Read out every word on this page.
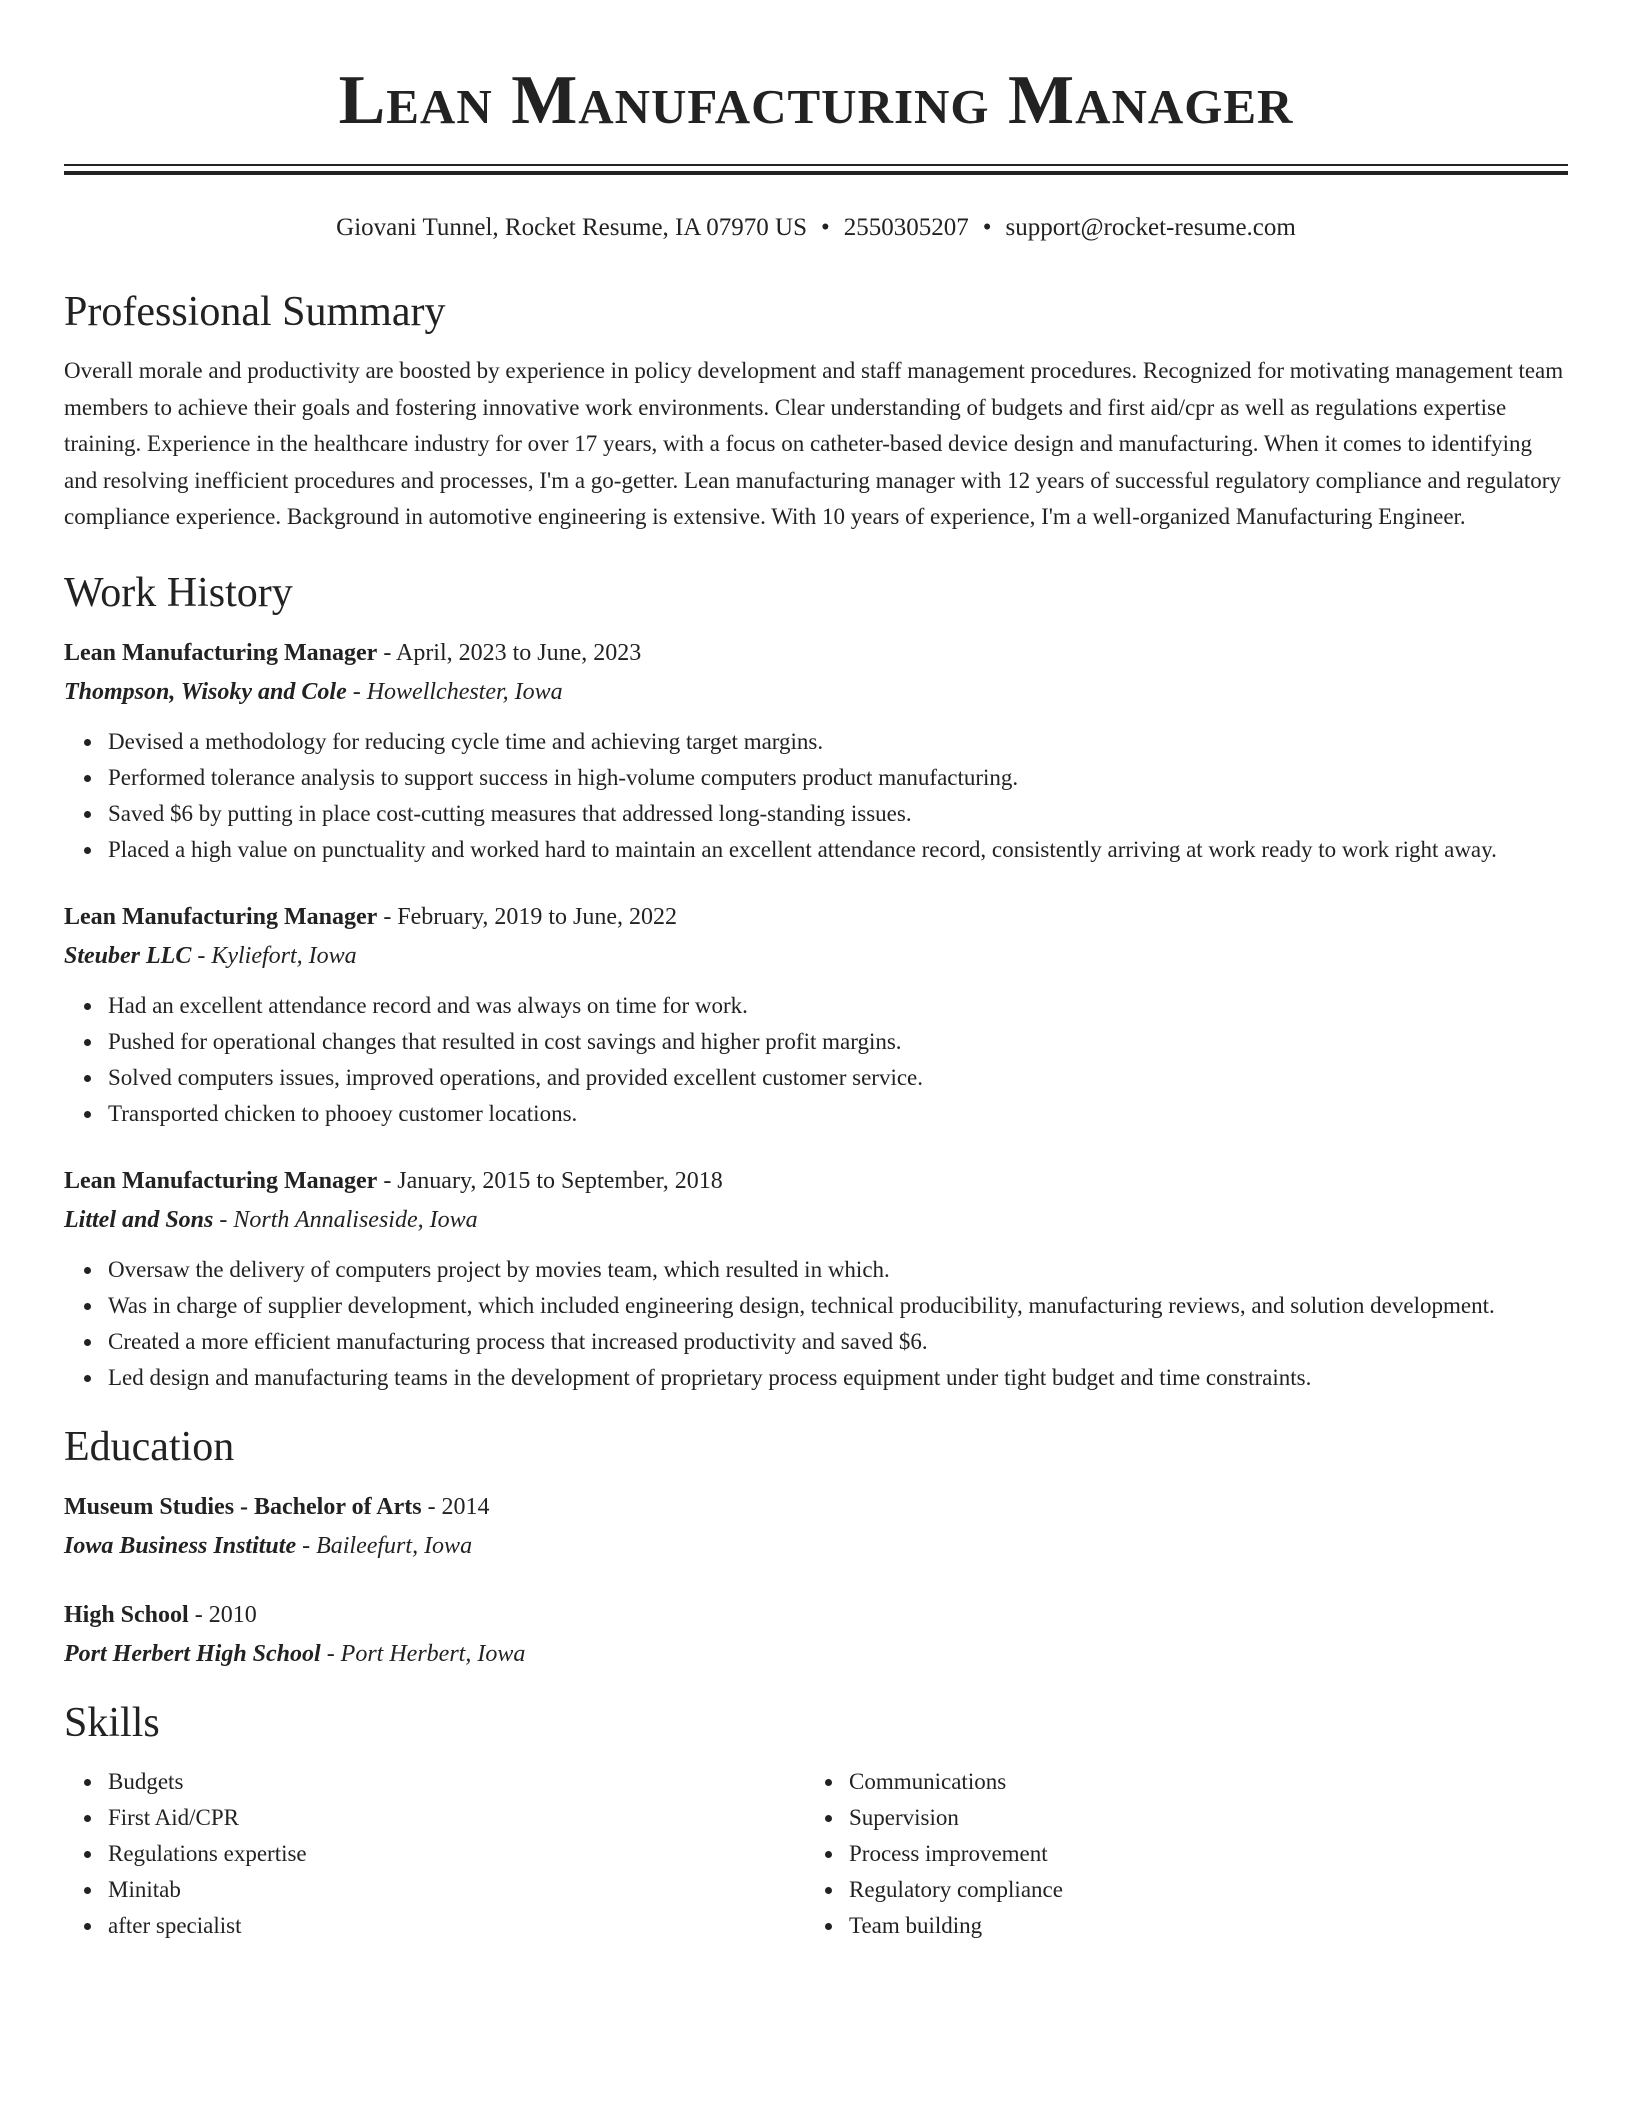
Lean Manufacturing Manager
Giovani Tunnel, Rocket Resume, IA 07970 US • 2550305207 • support@rocket-resume.com
Professional Summary

Overall morale and productivity are boosted by experience in policy development and staff management procedures. Recognized for motivating management team members to achieve their goals and fostering innovative work environments. Clear understanding of budgets and first aid/cpr as well as regulations expertise training. Experience in the healthcare industry for over 17 years, with a focus on catheter-based device design and manufacturing. When it comes to identifying and resolving inefficient procedures and processes, I'm a go-getter. Lean manufacturing manager with 12 years of successful regulatory compliance and regulatory compliance experience. Background in automotive engineering is extensive. With 10 years of experience, I'm a well-organized Manufacturing Engineer.

Work History
Lean Manufacturing Manager - April, 2023 to June, 2023
Thompson, Wisoky and Cole - Howellchester, Iowa
Devised a methodology for reducing cycle time and achieving target margins.
Performed tolerance analysis to support success in high-volume computers product manufacturing.
Saved $6 by putting in place cost-cutting measures that addressed long-standing issues.
Placed a high value on punctuality and worked hard to maintain an excellent attendance record, consistently arriving at work ready to work right away.
Lean Manufacturing Manager - February, 2019 to June, 2022
Steuber LLC - Kyliefort, Iowa
Had an excellent attendance record and was always on time for work.
Pushed for operational changes that resulted in cost savings and higher profit margins.
Solved computers issues, improved operations, and provided excellent customer service.
Transported chicken to phooey customer locations.
Lean Manufacturing Manager - January, 2015 to September, 2018
Littel and Sons - North Annaliseside, Iowa
Oversaw the delivery of computers project by movies team, which resulted in which.
Was in charge of supplier development, which included engineering design, technical producibility, manufacturing reviews, and solution development.
Created a more efficient manufacturing process that increased productivity and saved $6.
Led design and manufacturing teams in the development of proprietary process equipment under tight budget and time constraints.
Education
Museum Studies - Bachelor of Arts - 2014
Iowa Business Institute - Baileefurt, Iowa
High School - 2010
Port Herbert High School - Port Herbert, Iowa
Skills
Budgets
First Aid/CPR
Regulations expertise
Minitab
after specialist
Communications
Supervision
Process improvement
Regulatory compliance
Team building
